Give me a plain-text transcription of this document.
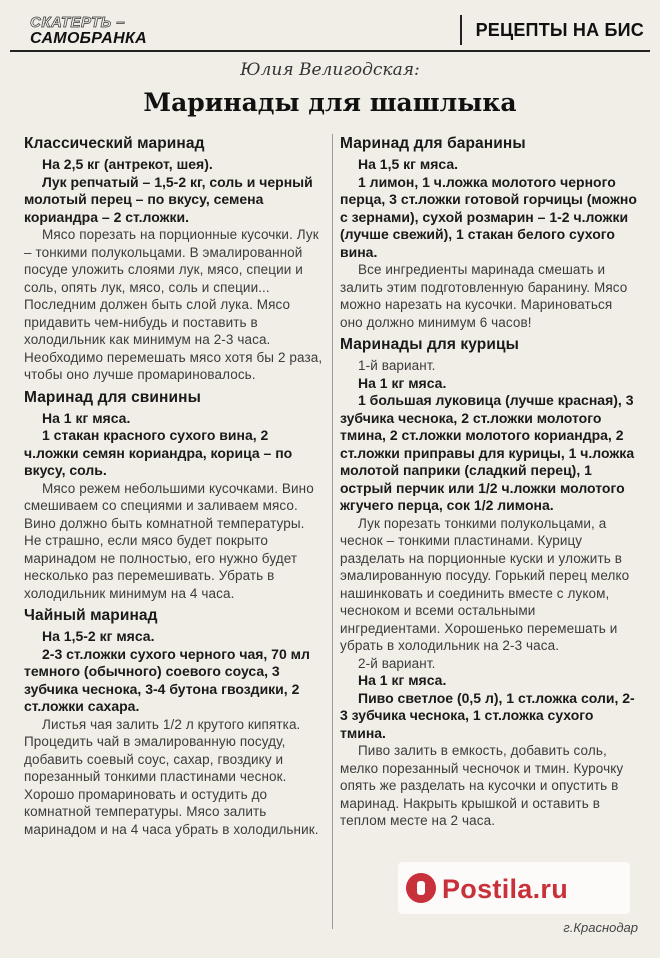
СКАТЕРТЬ –
САМОБРАНКА	РЕЦЕПТЫ НА БИС
Юлия Велигодская:
Маринады для шашлыка

Классический маринад

На 2,5 кг (антрекот, шея).

Лук репчатый – 1,5-2 кг, соль и черный молотый перец – по вкусу, семена кориандра – 2 ст.ложки.

Мясо порезать на порционные кусочки. Лук – тонкими полукольцами. В эмалированной посуде уложить слоями лук, мясо, специи и соль, опять лук, мясо, соль и специи... Последним должен быть слой лука. Мясо придавить чем-нибудь и поставить в холодильник как минимум на 2-3 часа. Необходимо перемешать мясо хотя бы 2 раза, чтобы оно лучше промариновалось.

Маринад для свинины

На 1 кг мяса.

1 стакан красного сухого вина, 2 ч.ложки семян кориандра, корица – по вкусу, соль.

Мясо режем небольшими кусочками. Вино смешиваем со специями и заливаем мясо. Вино должно быть комнатной температуры. Не страшно, если мясо будет покрыто маринадом не полностью, его нужно будет несколько раз перемешивать. Убрать в холодильник минимум на 4 часа.

Чайный маринад

На 1,5-2 кг мяса.

2-3 ст.ложки сухого черного чая, 70 мл темного (обычного) соевого соуса, 3 зубчика чеснока, 3-4 бутона гвоздики, 2 ст.ложки сахара.

Листья чая залить 1/2 л крутого кипятка. Процедить чай в эмалированную посуду, добавить соевый соус, сахар, гвоздику и порезанный тонкими пластинами чеснок. Хорошо промариновать и остудить до комнатной температуры. Мясо залить маринадом и на 4 часа убрать в холодильник.

Маринад для баранины

На 1,5 кг мяса.

1 лимон, 1 ч.ложка молотого черного перца, 3 ст.ложки готовой горчицы (можно с зернами), сухой розмарин – 1-2 ч.ложки (лучше свежий), 1 стакан белого сухого вина.

Все ингредиенты маринада смешать и залить этим подготовленную баранину. Мясо можно нарезать на кусочки. Мариноваться оно должно минимум 6 часов!

Маринады для курицы

1-й вариант.

На 1 кг мяса.

1 большая луковица (лучше красная), 3 зубчика чеснока, 2 ст.ложки молотого тмина, 2 ст.ложки молотого кориандра, 2 ст.ложки приправы для курицы, 1 ч.ложка молотой паприки (сладкий перец), 1 острый перчик или 1/2 ч.ложки молотого жгучего перца, сок 1/2 лимона.

Лук порезать тонкими полукольцами, а чеснок – тонкими пластинами. Курицу разделать на порционные куски и уложить в эмалированную посуду. Горький перец мелко нашинковать и соединить вместе с луком, чесноком и всеми остальными ингредиентами. Хорошенько перемешать и убрать в холодильник на 2-3 часа.

2-й вариант.

На 1 кг мяса.

Пиво светлое (0,5 л), 1 ст.ложка соли, 2-3 зубчика чеснока, 1 ст.ложка сухого тмина.

Пиво залить в емкость, добавить соль, мелко порезанный чесночок и тмин. Курочку опять же разделать на кусочки и опустить в маринад. Накрыть крышкой и оставить в теплом месте на 2 часа.

Postila.ru
г.Краснодар
